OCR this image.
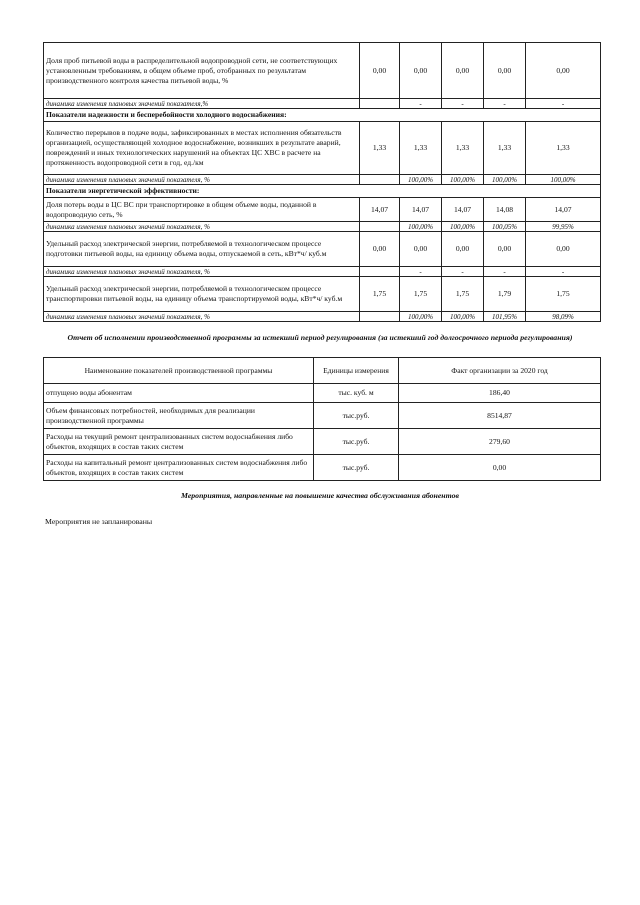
Доля проб питьевой воды в распределительной водопроводной сети, не соответствующих установленным требованиям, в общем объеме проб, отобранных по результатам производственного контроля качества питьевой воды, %	0,00	0,00	0,00	0,00	0,00
динамика изменения плановых значений показателя,%		-	-	-	-
Показатели надежности и бесперебойности холодного водоснабжения:					
Количество перерывов в подаче воды, зафиксированных в местах исполнения обязательств организацией, осуществляющей холодное водоснабжение, возникших в результате аварий, повреждений и иных технологических нарушений на объектах ЦС ХВС в расчете на протяженность водопроводной сети в год, ед./км	1,33	1,33	1,33	1,33	1,33
динамика изменения плановых значений показателя, %		100,00%	100,00%	100,00%	100,00%
Показатели энергетической эффективности:					
Доля потерь воды в ЦС ВС при транспортировке в общем объеме воды, поданной в водопроводную сеть, %	14,07	14,07	14,07	14,08	14,07
динамика изменения плановых значений показателя, %		100,00%	100,00%	100,05%	99,95%
Удельный расход электрической энергии, потребляемой в технологическом процессе подготовки питьевой воды, на единицу объема воды, отпускаемой в сеть, кВт*ч/ куб.м	0,00	0,00	0,00	0,00	0,00
динамика изменения плановых значений показателя, %		-	-	-	-
Удельный расход электрической энергии, потребляемой в технологическом процессе транспортировки питьевой воды, на единицу объема транспортируемой воды, кВт*ч/ куб.м	1,75	1,75	1,75	1,79	1,75
динамика изменения плановых значений показателя, %		100,00%	100,00%	101,95%	98,09%
Отчет об исполнении производственной программы за истекший период регулирования (за истекший год долгосрочного периода регулирования)
Наименование показателей производственной программы	Единицы измерения	Факт организации за 2020 год
отпущено воды абонентам	тыс. куб. м	186,40
Объем финансовых потребностей, необходимых для реализации производственной программы	тыс.руб.	8514,87
Расходы на текущий ремонт централизованных систем водоснабжения либо объектов, входящих в состав таких систем	тыс.руб.	279,60
Расходы на капитальный ремонт централизованных систем водоснабжения либо объектов, входящих в состав таких систем	тыс.руб.	0,00
Мероприятия, направленные на повышение качества обслуживания абонентов
Мероприятия не запланированы
